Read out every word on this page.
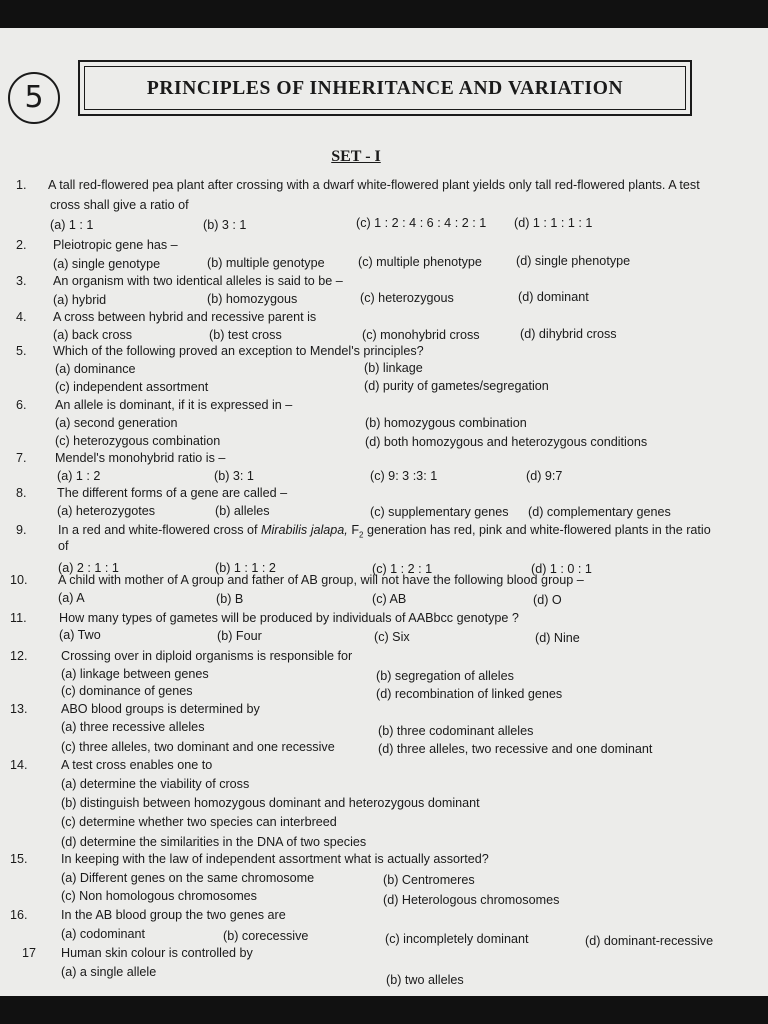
5	PRINCIPLES OF INHERITANCE AND VARIATION
SET - I
1. A tall red-flowered pea plant after crossing with a dwarf white-flowered plant yields only tall red-flowered plants. A test
cross shall give a ratio of
(a) 1 : 1	(b) 3 : 1	(c) 1 : 2 : 4 : 6 : 4 : 2 : 1 (d) 1 : 1 : 1 : 1
2. Pleiotropic gene has –
(a) single genotype	(b) multiple genotype	(c) multiple phenotype	(d) single phenotype
3. An organism with two identical alleles is said to be –
(a) hybrid	(b) homozygous	(c) heterozygous	(d) dominant
4. A cross between hybrid and recessive parent is
(a) back cross	(b) test cross	(c) monohybrid cross	(d) dihybrid cross
5. Which of the following proved an exception to Mendel's principles?
(a) dominance	(b) linkage
(c) independent assortment	(d) purity of gametes/segregation
6. An allele is dominant, if it is expressed in –
(a) second generation	(b) homozygous combination
(c) heterozygous combination	(d) both homozygous and heterozygous conditions
7. Mendel's monohybrid ratio is –
(a) 1 : 2	(b) 3: 1	(c) 9: 3 :3: 1	(d) 9:7
8. The different forms of a gene are called –
(a) heterozygotes	(b) alleles	(c) supplementary genes (d) complementary genes
9. In a red and white-flowered cross of Mirabilis jalapa, $F_2$ generation has red, pink and white-flowered plants in the ratio
of
(a) 2 : 1 : 1	(b) 1 : 1 : 2	(c) 1 : 2 : 1	(d) 1 : 0 : 1
10. A child with mother of A group and father of AB group, will not have the following blood group –
(a) A	(b) B	(c) AB	(d) O
11.	How many types of gametes will be produced by individuals of AABbcc genotype ?
(a) Two	(b) Four	(c) Six	(d) Nine
12.	Crossing over in diploid organisms is responsible for
(a) linkage between genes	(b) segregation of alleles
(c) dominance of genes	(d) recombination of linked genes
13.	ABO blood groups is determined by
(a) three recessive alleles	(b) three codominant alleles
(c) three alleles, two dominant and one recessive	(d) three alleles, two recessive and one dominant
14.	A test cross enables one to
(a) determine the viability of cross
(b) distinguish between homozygous dominant and heterozygous dominant
(c) determine whether two species can interbreed
(d) determine the similarities in the DNA of two species
15.	In keeping with the law of independent assortment what is actually assorted?
(a) Different genes on the same chromosome	(b) Centromeres
(c) Non homologous chromosomes	(d) Heterologous chromosomes
16.	In the AB blood group the two genes are
(a) codominant	(b) corecessive	(c) incompletely dominant	(d) dominant-recessive
17 Human skin colour is controlled by
(a) a single allele
(b) two alleles
